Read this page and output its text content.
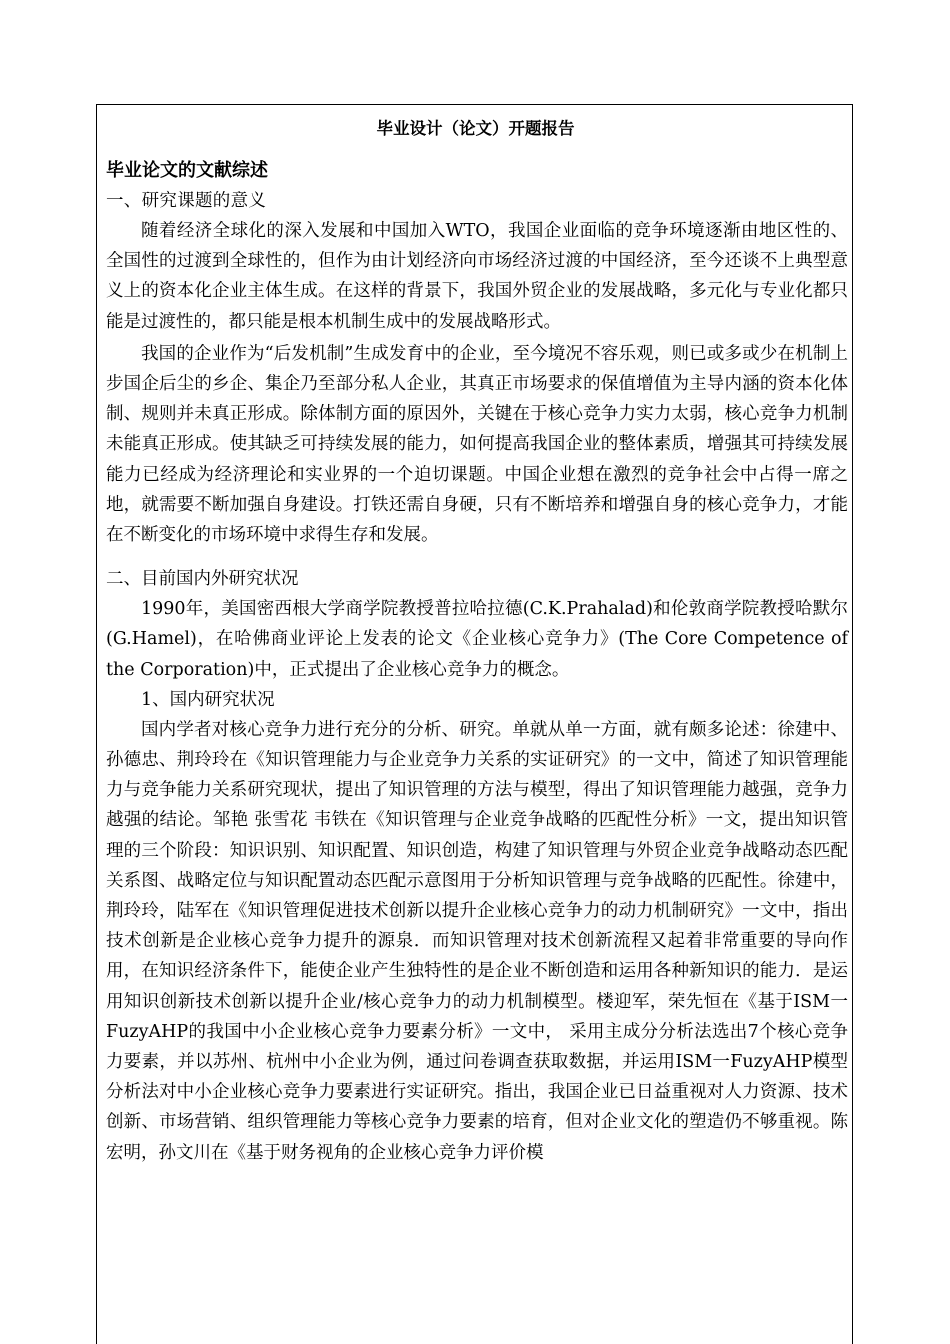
毕业设计（论文）开题报告
毕业论文的文献综述
一、研究课题的意义

随着经济全球化的深入发展和中国加入WTO，我国企业面临的竞争环境逐渐由地区性的、全国性的过渡到全球性的，但作为由计划经济向市场经济过渡的中国经济，至今还谈不上典型意义上的资本化企业主体生成。在这样的背景下，我国外贸企业的发展战略，多元化与专业化都只能是过渡性的，都只能是根本机制生成中的发展战略形式。

我国的企业作为“后发机制”生成发育中的企业，至今境况不容乐观，则已或多或少在机制上步国企后尘的乡企、集企乃至部分私人企业，其真正市场要求的保值增值为主导内涵的资本化体制、规则并未真正形成。除体制方面的原因外，关键在于核心竞争力实力太弱，核心竞争力机制未能真正形成。使其缺乏可持续发展的能力，如何提高我国企业的整体素质，增强其可持续发展能力已经成为经济理论和实业界的一个迫切课题。中国企业想在激烈的竞争社会中占得一席之地，就需要不断加强自身建设。打铁还需自身硬，只有不断培养和增强自身的核心竞争力，才能在不断变化的市场环境中求得生存和发展。

二、目前国内外研究状况

1990年，美国密西根大学商学院教授普拉哈拉德(C.K.Prahalad)和伦敦商学院教授哈默尔(G.Hamel)，在哈佛商业评论上发表的论文《企业核心竞争力》(The Core Competence of the Corporation)中，正式提出了企业核心竞争力的概念。

1、国内研究状况

国内学者对核心竞争力进行充分的分析、研究。单就从单一方面，就有颇多论述：徐建中、孙德忠、荆玲玲在《知识管理能力与企业竞争力关系的实证研究》的一文中，简述了知识管理能力与竞争能力关系研究现状，提出了知识管理的方法与模型，得出了知识管理能力越强，竞争力越强的结论。邹艳 张雪花 韦铁在《知识管理与企业竞争战略的匹配性分析》一文，提出知识管理的三个阶段：知识识别、知识配置、知识创造，构建了知识管理与外贸企业竞争战略动态匹配关系图、战略定位与知识配置动态匹配示意图用于分析知识管理与竞争战略的匹配性。徐建中，荆玲玲，陆军在《知识管理促进技术创新以提升企业核心竞争力的动力机制研究》一文中，指出技术创新是企业核心竞争力提升的源泉．而知识管理对技术创新流程又起着非常重要的导向作用，在知识经济条件下，能使企业产生独特性的是企业不断创造和运用各种新知识的能力．是运用知识创新技术创新以提升企业/核心竞争力的动力机制模型。楼迎军，荣先恒在《基于ISM一FuzyAHP的我国中小企业核心竞争力要素分析》一文中， 采用主成分分析法选出7个核心竞争力要素，并以苏州、杭州中小企业为例，通过问卷调查获取数据，并运用ISM一FuzyAHP模型分析法对中小企业核心竞争力要素进行实证研究。指出，我国企业已日益重视对人力资源、技术创新、市场营销、组织管理能力等核心竞争力要素的培育，但对企业文化的塑造仍不够重视。陈宏明，孙文川在《基于财务视角的企业核心竞争力评价模
